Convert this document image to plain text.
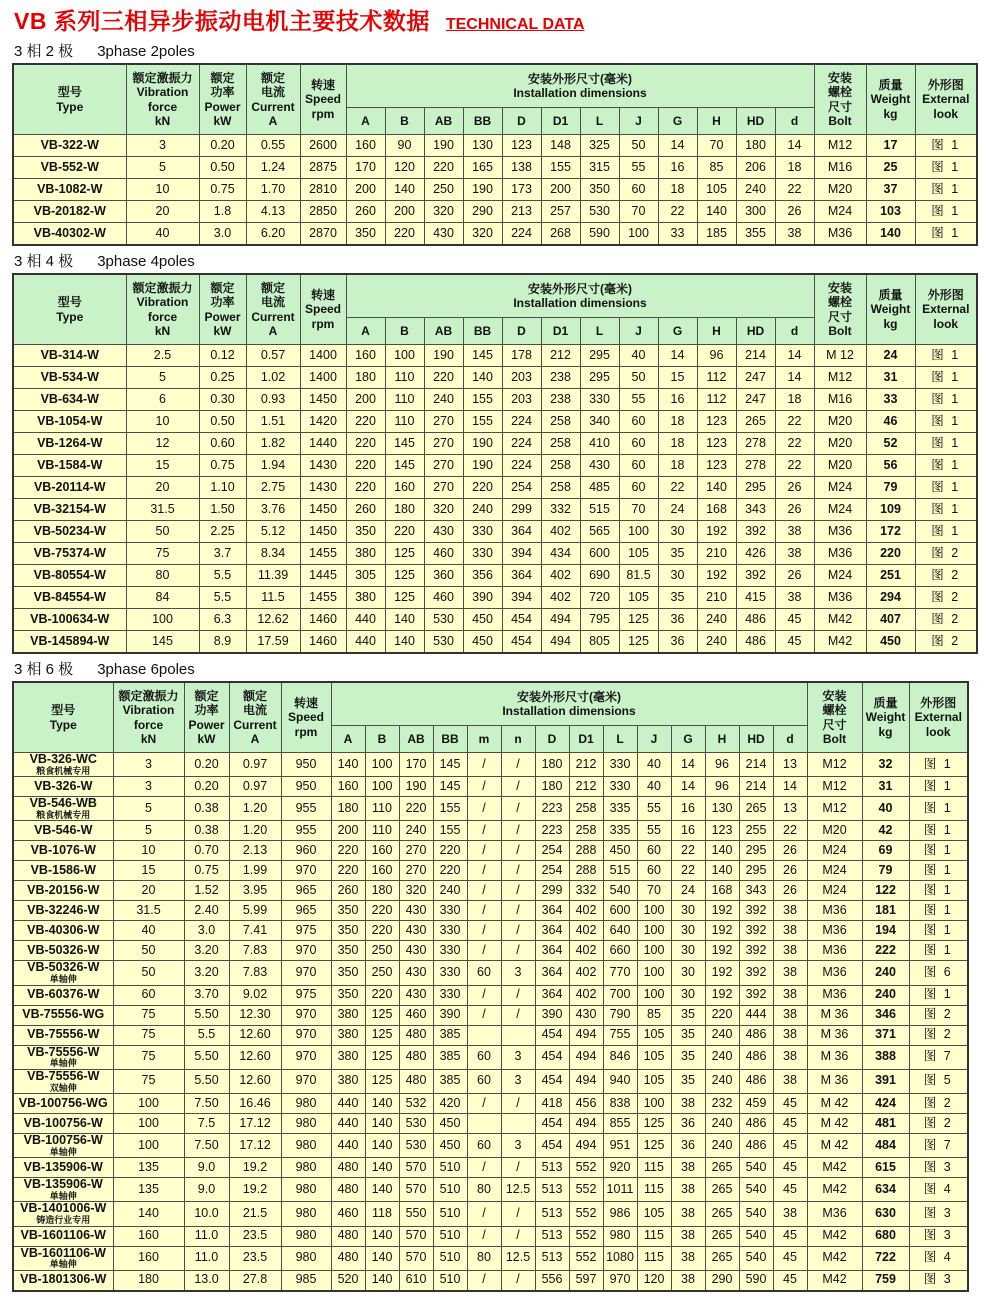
VB 系列三相异步振动电机主要技术数据 TECHNICAL DATA
3 相 2 极 3phase 2poles
型号
Type	额定激振力
Vibration
force
kN	额定
功率
Power
kW	额定
电流
Current
A	转速
Speed
rpm	安装外形尺寸(毫米)
Installation dimensions												安装
螺栓
尺寸
Bolt	质量
Weight
kg	外形图
External
look
					A	B	AB	BB	D	D1	L	J	G	H	HD	d			

VB-322-W	3	0.20	0.55	2600	160	90	190	130	123	148	325	50	14	70	180	14	M12	17	图 1

VB-552-W	5	0.50	1.24	2875	170	120	220	165	138	155	315	55	16	85	206	18	M16	25	图 1

VB-1082-W	10	0.75	1.70	2810	200	140	250	190	173	200	350	60	18	105	240	22	M20	37	图 1

VB-20182-W	20	1.8	4.13	2850	260	200	320	290	213	257	530	70	22	140	300	26	M24	103	图 1

VB-40302-W	40	3.0	6.20	2870	350	220	430	320	224	268	590	100	33	185	355	38	M36	140	图 1
3 相 4 极 3phase 4poles
型号
Type	额定激振力
Vibration
force
kN	额定
功率
Power
kW	额定
电流
Current
A	转速
Speed
rpm	安装外形尺寸(毫米)
Installation dimensions												安装
螺栓
尺寸
Bolt	质量
Weight
kg	外形图
External
look
					A	B	AB	BB	D	D1	L	J	G	H	HD	d			

VB-314-W	2.5	0.12	0.57	1400	160	100	190	145	178	212	295	40	14	96	214	14	M 12	24	图 1

VB-534-W	5	0.25	1.02	1400	180	110	220	140	203	238	295	50	15	112	247	14	M12	31	图 1

VB-634-W	6	0.30	0.93	1450	200	110	240	155	203	238	330	55	16	112	247	18	M16	33	图 1

VB-1054-W	10	0.50	1.51	1420	220	110	270	155	224	258	340	60	18	123	265	22	M20	46	图 1

VB-1264-W	12	0.60	1.82	1440	220	145	270	190	224	258	410	60	18	123	278	22	M20	52	图 1

VB-1584-W	15	0.75	1.94	1430	220	145	270	190	224	258	430	60	18	123	278	22	M20	56	图 1

VB-20114-W	20	1.10	2.75	1430	220	160	270	220	254	258	485	60	22	140	295	26	M24	79	图 1

VB-32154-W	31.5	1.50	3.76	1450	260	180	320	240	299	332	515	70	24	168	343	26	M24	109	图 1

VB-50234-W	50	2.25	5.12	1450	350	220	430	330	364	402	565	100	30	192	392	38	M36	172	图 1

VB-75374-W	75	3.7	8.34	1455	380	125	460	330	394	434	600	105	35	210	426	38	M36	220	图 2

VB-80554-W	80	5.5	11.39	1445	305	125	360	356	364	402	690	81.5	30	192	392	26	M24	251	图 2

VB-84554-W	84	5.5	11.5	1455	380	125	460	390	394	402	720	105	35	210	415	38	M36	294	图 2

VB-100634-W	100	6.3	12.62	1460	440	140	530	450	454	494	795	125	36	240	486	45	M42	407	图 2

VB-145894-W	145	8.9	17.59	1460	440	140	530	450	454	494	805	125	36	240	486	45	M42	450	图 2
3 相 6 极 3phase 6poles
型号
Type	额定激振力
Vibration
force
kN	额定
功率
Power
kW	额定
电流
Current
A	转速
Speed
rpm	安装外形尺寸(毫米)
Installation dimensions														安装
螺栓
尺寸
Bolt	质量
Weight
kg	外形图
External
look
					A	B	AB	BB	m	n	D	D1	L	J	G	H	HD	d			

VB-326-WC
粮食机械专用	3	0.20	0.97	950	140	100	170	145	/	/	180	212	330	40	14	96	214	13	M12	32	图 1

VB-326-W	3	0.20	0.97	950	160	100	190	145	/	/	180	212	330	40	14	96	214	14	M12	31	图 1

VB-546-WB
粮食机械专用	5	0.38	1.20	955	180	110	220	155	/	/	223	258	335	55	16	130	265	13	M12	40	图 1

VB-546-W	5	0.38	1.20	955	200	110	240	155	/	/	223	258	335	55	16	123	255	22	M20	42	图 1

VB-1076-W	10	0.70	2.13	960	220	160	270	220	/	/	254	288	450	60	22	140	295	26	M24	69	图 1

VB-1586-W	15	0.75	1.99	970	220	160	270	220	/	/	254	288	515	60	22	140	295	26	M24	79	图 1

VB-20156-W	20	1.52	3.95	965	260	180	320	240	/	/	299	332	540	70	24	168	343	26	M24	122	图 1

VB-32246-W	31.5	2.40	5.99	965	350	220	430	330	/	/	364	402	600	100	30	192	392	38	M36	181	图 1

VB-40306-W	40	3.0	7.41	975	350	220	430	330	/	/	364	402	640	100	30	192	392	38	M36	194	图 1

VB-50326-W	50	3.20	7.83	970	350	250	430	330	/	/	364	402	660	100	30	192	392	38	M36	222	图 1

VB-50326-W
单轴伸	50	3.20	7.83	970	350	250	430	330	60	3	364	402	770	100	30	192	392	38	M36	240	图 6

VB-60376-W	60	3.70	9.02	975	350	220	430	330	/	/	364	402	700	100	30	192	392	38	M36	240	图 1

VB-75556-WG	75	5.50	12.30	970	380	125	460	390	/	/	390	430	790	85	35	220	444	38	M 36	346	图 2

VB-75556-W	75	5.5	12.60	970	380	125	480	385			454	494	755	105	35	240	486	38	M 36	371	图 2

VB-75556-W
单轴伸	75	5.50	12.60	970	380	125	480	385	60	3	454	494	846	105	35	240	486	38	M 36	388	图 7

VB-75556-W
双轴伸	75	5.50	12.60	970	380	125	480	385	60	3	454	494	940	105	35	240	486	38	M 36	391	图 5

VB-100756-WG	100	7.50	16.46	980	440	140	532	420	/	/	418	456	838	100	38	232	459	45	M 42	424	图 2

VB-100756-W	100	7.5	17.12	980	440	140	530	450			454	494	855	125	36	240	486	45	M 42	481	图 2

VB-100756-W
单轴伸	100	7.50	17.12	980	440	140	530	450	60	3	454	494	951	125	36	240	486	45	M 42	484	图 7

VB-135906-W	135	9.0	19.2	980	480	140	570	510	/	/	513	552	920	115	38	265	540	45	M42	615	图 3

VB-135906-W
单轴伸	135	9.0	19.2	980	480	140	570	510	80	12.5	513	552	1011	115	38	265	540	45	M42	634	图 4

VB-1401006-W
铸造行业专用	140	10.0	21.5	980	460	118	550	510	/	/	513	552	986	105	38	265	540	38	M36	630	图 3

VB-1601106-W	160	11.0	23.5	980	480	140	570	510	/	/	513	552	980	115	38	265	540	45	M42	680	图 3

VB-1601106-W
单轴伸	160	11.0	23.5	980	480	140	570	510	80	12.5	513	552	1080	115	38	265	540	45	M42	722	图 4

VB-1801306-W	180	13.0	27.8	985	520	140	610	510	/	/	556	597	970	120	38	290	590	45	M42	759	图 3
